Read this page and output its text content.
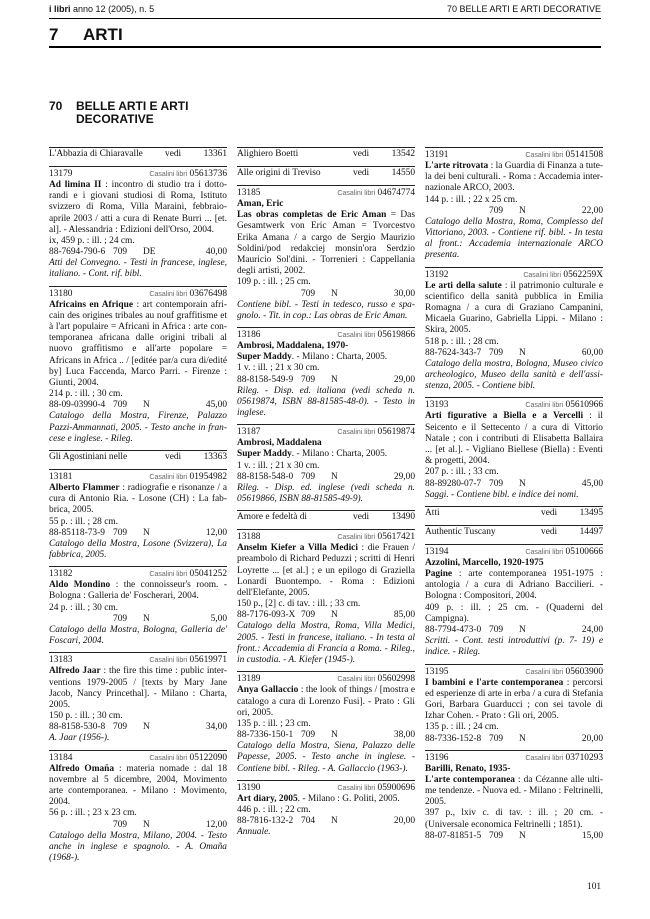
i libri anno 12 (2005), n. 5	70 BELLE ARTI E ARTI DECORATIVE
7 ARTI
70 BELLE ARTI E ARTI
DECORATIVE
L'Abbazia di Chiaravalle vedi 13361
13179	Casalini libri 05613736

Ad limina II : incontro di studio tra i dotto-randi e i giovani studiosi di Roma, Istituto svizzero di Roma, Villa Maraini, febbraio-aprile 2003 / atti a cura di Renate Burri ... [et. al]. - Alessandria : Edizioni dell'Orso, 2004.

ix, 459 p. : ill. ; 24 cm.

88-7694-790-6 709 DE	40,00

Atti del Convegno. - Testi in francese, inglese, italiano. - Cont. rif. bibl.

13180	Casalini libri 03676498

Africains en Afrique : art contemporain afri-cain des origines tribales au nouf graffitisme et à l'art populaire = Africani in Africa : arte con-temporanea africana dalle origini tribali al nuovo graffitismo e all'arte popolare = Africans in Africa .. / [editée par/a cura di/edité by] Luca Faccenda, Marco Parri. - Firenze : Giunti, 2004.

214 p. : ill. ; 30 cm.

88-09-03990-4 709 N	45,00

Catalogo della Mostra, Firenze, Palazzo Pazzi-Ammannati, 2005. - Testo anche in fran-cese e inglese. - Rileg.

Gli Agostiniani nelle	vedi 13363
13181	Casalini libri 01954982

Alberto Flammer : radiografie e risonanze / a cura di Antonio Ria. - Losone (CH) : La fab-brica, 2005.

55 p. : ill. ; 28 cm.

88-85118-73-9 709 N	12,00

Catalogo della Mostra, Losone (Svizzera), La fabbrica, 2005.

13182	Casalini libri 05041252

Aldo Mondino : the connoisseur's room. - Bologna : Galleria de' Foscherari, 2004.

24 p. : ill. ; 30 cm.

709 N	5,00

Catalogo della Mostra, Bologna, Galleria de' Foscari, 2004.

13183	Casalini libri 05619971

Alfredo Jaar : the fire this time : public inter-ventions 1979-2005 / [texts by Mary Jane Jacob, Nancy Princethal]. - Milano : Charta, 2005.

150 p. : ill. ; 30 cm.

88-8158-530-8 709 N	34,00

A. Jaar (1956-).

13184	Casalini libri 05122090

Alfredo Omaña : materia nomade : dal 18 novembre al 5 dicembre, 2004, Movimento arte contemporanea. - Milano : Movimento, 2004.

56 p. : ill. ; 23 x 23 cm.

709 N	12,00

Catalogo della Mostra, Milano, 2004. - Testo anche in inglese e spagnolo. - A. Omaña (1968-).

Alighiero Boetti	vedi 13542
Alle origini di Treviso	vedi 14550
13185	Casalini libri 04674774

Aman, Eric

Las obras completas de Eric Aman = Das Gesamtwerk von Eric Aman = Tvorcestvo Erika Amana / a cargo de Sergio Maurizio Soldini/pod redakciej monsin'ora Serdzio Mauricio Sol'dini. - Torrenieri : Cappellania degli artisti, 2002.

109 p. : ill. ; 25 cm.

709 N	30,00

Contiene bibl. - Testi in tedesco, russo e spa-gnolo. - Tit. in cop.: Las obras de Eric Aman.

13186	Casalini libri 05619866

Ambrosi, Maddalena, 1970-

Super Maddy. - Milano : Charta, 2005.

1 v. : ill. ; 21 x 30 cm.

88-8158-549-9 709 N	29,00

Rileg. - Disp. ed. italiana (vedi scheda n. 05619874, ISBN 88-81585-48-0). - Testo in inglese.

13187	Casalini libri 05619874

Ambrosi, Maddalena

Super Maddy. - Milano : Charta, 2005.

1 v. : ill. ; 21 x 30 cm.

88-8158-548-0 709 N	29,00

Rileg. - Disp. ed. inglese (vedi scheda n. 05619866, ISBN 88-81585-49-9).

Amore e fedeltà di	vedi 13490
13188	Casalini libri 05617421

Anselm Kiefer a Villa Medici : die Frauen / preambolo di Richard Peduzzi ; scritti di Henri Loyrette ... [et al.] ; e un epilogo di Graziella Lonardi Buontempo. - Roma : Edizioni dell'Elefante, 2005.

150 p., [2] c. di tav. : ill. ; 33 cm.

88-7176-093-X 709 N	85,00

Catalogo della Mostra, Roma, Villa Medici, 2005. - Testi in francese, italiano. - In testa al front.: Accademia di Francia a Roma. - Rileg., in custodia. - A. Kiefer (1945-).

13189	Casalini libri 05602998

Anya Gallaccio : the look of things / [mostra e catalogo a cura di Lorenzo Fusi]. - Prato : Gli ori, 2005.

135 p. : ill. ; 23 cm.

88-7336-150-1 709 N	38,00

Catalogo della Mostra, Siena, Palazzo delle Papesse, 2005. - Testo anche in inglese. - Contiene bibl. - Rileg. - A. Gallaccio (1963-).

13190	Casalini libri 05900696

Art diary, 2005. - Milano : G. Politi, 2005.

446 p. : ill. ; 22 cm.

88-7816-132-2 704 N	20,00

Annuale.

13191	Casalini libri 05141508

L'arte ritrovata : la Guardia di Finanza a tute-la dei beni culturali. - Roma : Accademia inter-nazionale ARCO, 2003.

144 p. : ill. ; 22 x 25 cm.

709 N	22,00

Catalogo della Mostra, Roma, Complesso del Vittoriano, 2003. - Contiene rif. bibl. - In testa al front.: Accademia internazionale ARCO presenta.

13192	Casalini libri 0562259X

Le arti della salute : il patrimonio culturale e scientifico della sanità pubblica in Emilia Romagna / a cura di Graziano Campanini, Micaela Guarino, Gabriella Lippi. - Milano : Skira, 2005.

518 p. : ill. ; 28 cm.

88-7624-343-7 709 N	60,00

Catalogo della mostra, Bologna, Museo civico archeologico, Museo della sanità e dell'assi-stenza, 2005. - Contiene bibl.

13193	Casalini libri 05610966

Arti figurative a Biella e a Vercelli : il Seicento e il Settecento / a cura di Vittorio Natale ; con i contributi di Elisabetta Ballaira ... [et al.]. - Vigliano Biellese (Biella) : Eventi & progetti, 2004.

207 p. : ill. ; 33 cm.

88-89280-07-7 709 N	45,00

Saggi. - Contiene bibl. e indice dei nomi.

Atti	vedi 13495
Authentic Tuscany	vedi 14497
13194	Casalini libri 05100666

Azzolini, Marcello, 1920-1975

Pagine : arte contemporanea 1951-1975 : antologia / a cura di Adriano Baccilieri. - Bologna : Compositori, 2004.

409 p. : ill. ; 25 cm. - (Quaderni del Campigna).

88-7794-473-0 709 N	24,00

Scritti. - Cont. testi introduttivi (p. 7- 19) e indice. - Rileg.

13195	Casalini libri 05603900

I bambini e l'arte contemporanea : percorsi ed esperienze di arte in erba / a cura di Stefania Gori, Barbara Guarducci ; con sei tavole di Izhar Cohen. - Prato : Gli ori, 2005.

135 p. : ill. ; 24 cm.

88-7336-152-8 709 N	20,00
13196	Casalini libri 03710293

Barilli, Renato, 1935-

L'arte contemporanea : da Cézanne alle ulti-me tendenze. - Nuova ed. - Milano : Feltrinelli, 2005.

397 p., lxiv c. di tav. : ill. ; 20 cm. - (Universale economica Feltrinelli ; 1851).

88-07-81851-5 709 N	15,00
101
